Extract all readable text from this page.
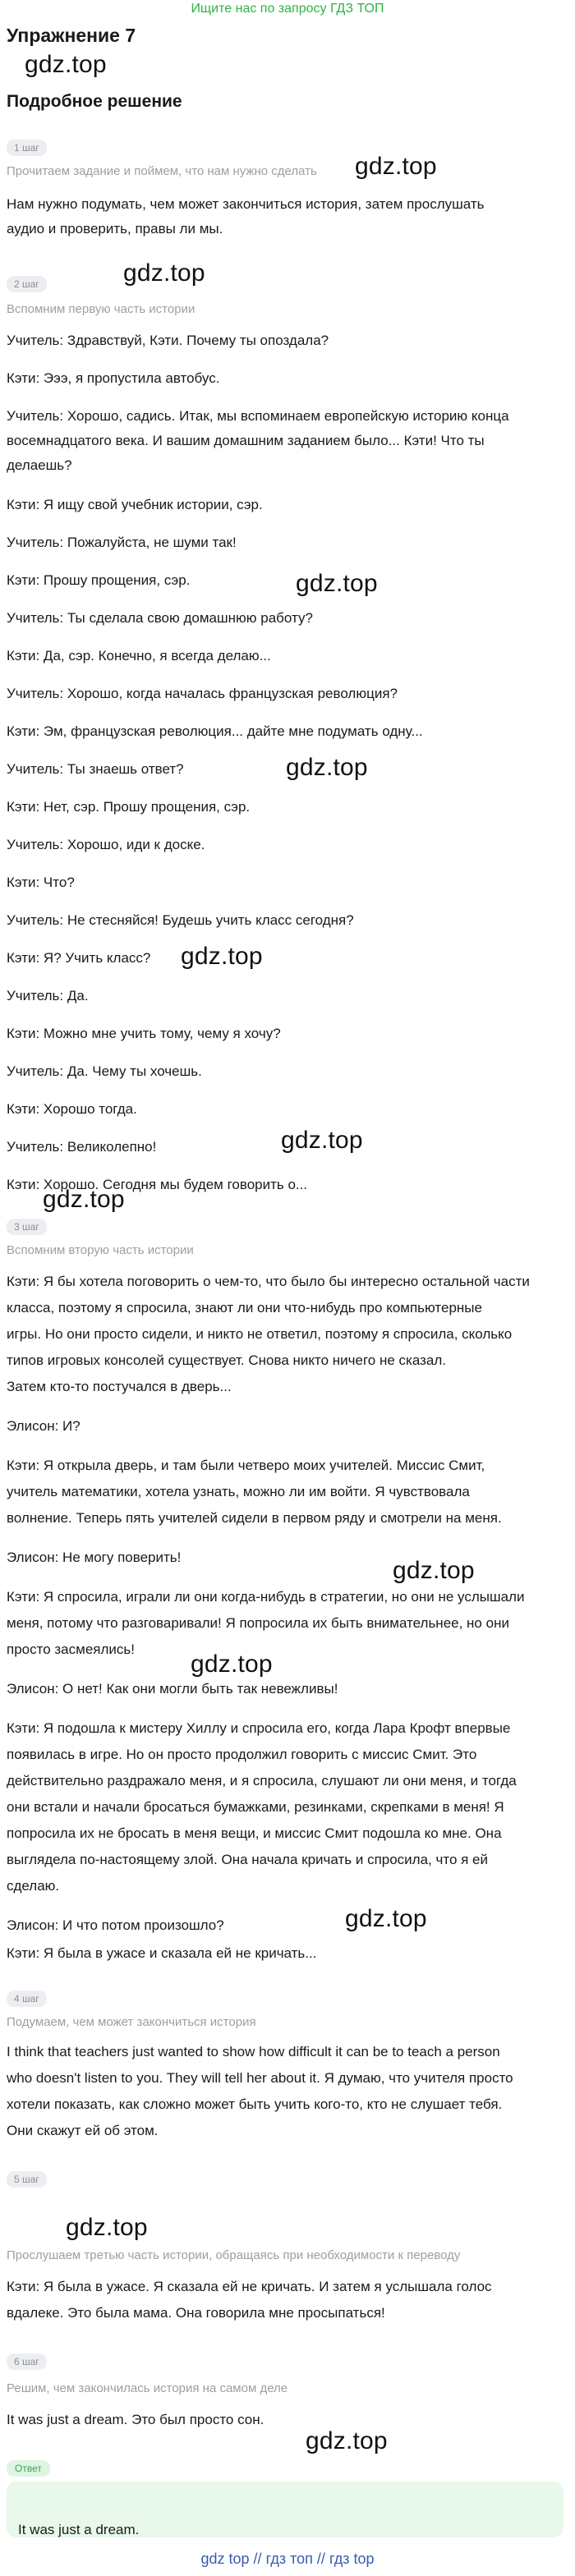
Ищите нас по запросу ГДЗ ТОП
Упражнение 7
Подробное решение
gdz.top
gdz.top
gdz.top
gdz.top
gdz.top
gdz.top
gdz.top
gdz.top
gdz.top
gdz.top
gdz.top
gdz.top
gdz.top
1 шаг
Прочитаем задание и поймем, что нам нужно сделать
Нам нужно подумать, чем может закончиться история, затем прослушать
аудио и проверить, правы ли мы.
2 шаг
Вспомним первую часть истории
Учитель: Здравствуй, Кэти. Почему ты опоздала?
Кэти: Эээ, я пропустила автобус.
Учитель: Хорошо, садись. Итак, мы вспоминаем европейскую историю конца
восемнадцатого века. И вашим домашним заданием было... Кэти! Что ты
делаешь?
Кэти: Я ищу свой учебник истории, сэр.
Учитель: Пожалуйста, не шуми так!
Кэти: Прошу прощения, сэр.
Учитель: Ты сделала свою домашнюю работу?
Кэти: Да, сэр. Конечно, я всегда делаю...
Учитель: Хорошо, когда началась французская революция?
Кэти: Эм, французская революция... дайте мне подумать одну...
Учитель: Ты знаешь ответ?
Кэти: Нет, сэр. Прошу прощения, сэр.
Учитель: Хорошо, иди к доске.
Кэти: Что?
Учитель: Не стесняйся! Будешь учить класс сегодня?
Кэти: Я? Учить класс?
Учитель: Да.
Кэти: Можно мне учить тому, чему я хочу?
Учитель: Да. Чему ты хочешь.
Кэти: Хорошо тогда.
Учитель: Великолепно!
Кэти: Хорошо. Сегодня мы будем говорить о...
3 шаг
Вспомним вторую часть истории
Кэти: Я бы хотела поговорить о чем-то, что было бы интересно остальной части
класса, поэтому я спросила, знают ли они что-нибудь про компьютерные
игры. Но они просто сидели, и никто не ответил, поэтому я спросила, сколько
типов игровых консолей существует. Снова никто ничего не сказал.
Затем кто-то постучался в дверь...
Элисон: И?
Кэти: Я открыла дверь, и там были четверо моих учителей. Миссис Смит,
учитель математики, хотела узнать, можно ли им войти. Я чувствовала
волнение. Теперь пять учителей сидели в первом ряду и смотрели на меня.
Элисон: Не могу поверить!
Кэти: Я спросила, играли ли они когда-нибудь в стратегии, но они не услышали
меня, потому что разговаривали! Я попросила их быть внимательнее, но они
просто засмеялись!
Элисон: О нет! Как они могли быть так невежливы!
Кэти: Я подошла к мистеру Хиллу и спросила его, когда Лара Крофт впервые
появилась в игре. Но он просто продолжил говорить с миссис Смит. Это
действительно раздражало меня, и я спросила, слушают ли они меня, и тогда
они встали и начали бросаться бумажками, резинками, скрепками в меня! Я
попросила их не бросать в меня вещи, и миссис Смит подошла ко мне. Она
выглядела по-настоящему злой. Она начала кричать и спросила, что я ей
сделаю.
Элисон: И что потом произошло?
Кэти: Я была в ужасе и сказала ей не кричать...
4 шаг
Подумаем, чем может закончиться история
I think that teachers just wanted to show how difficult it can be to teach a person
who doesn't listen to you. They will tell her about it. Я думаю, что учителя просто
хотели показать, как сложно может быть учить кого-то, кто не слушает тебя.
Они скажут ей об этом.
5 шаг
Прослушаем третью часть истории, обращаясь при необходимости к переводу
Кэти: Я была в ужасе. Я сказала ей не кричать. И затем я услышала голос
вдалеке. Это была мама. Она говорила мне просыпаться!
6 шаг
Решим, чем закончилась история на самом деле
It was just a dream. Это был просто сон.
Ответ
It was just a dream.
gdz top // гдз топ // гдз top
